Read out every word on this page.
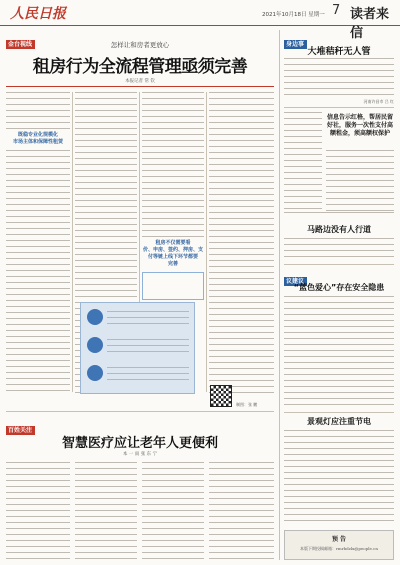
人民日报	2021年10月18日 星期一 7 读者来信
金台视线	怎样让和房者更放心
租房行为全流程管理亟须完善
本报记者 常 钦
既稳专业化规模化
市场主体和保障性租赁
租房不仅需要看
价、申房、签约、押房、支
付等链上线下环节都要
完善
制图：张 鹏
百姓关注
智慧医疗应让老年人更便利
本 一 雨 张 东 宁
身边事
大堆秸秆无人管
河南许昌市 吕 红
信息告示红格，帮居民留好社，服务一次性支付高额租金，须高额权保护
马路边没有人行道
议建议
“蓝色爱心”存在安全隐患
景观灯应注重节电
预 告
本版下期投稿邮箱：rmrbdzlx@people.cn
